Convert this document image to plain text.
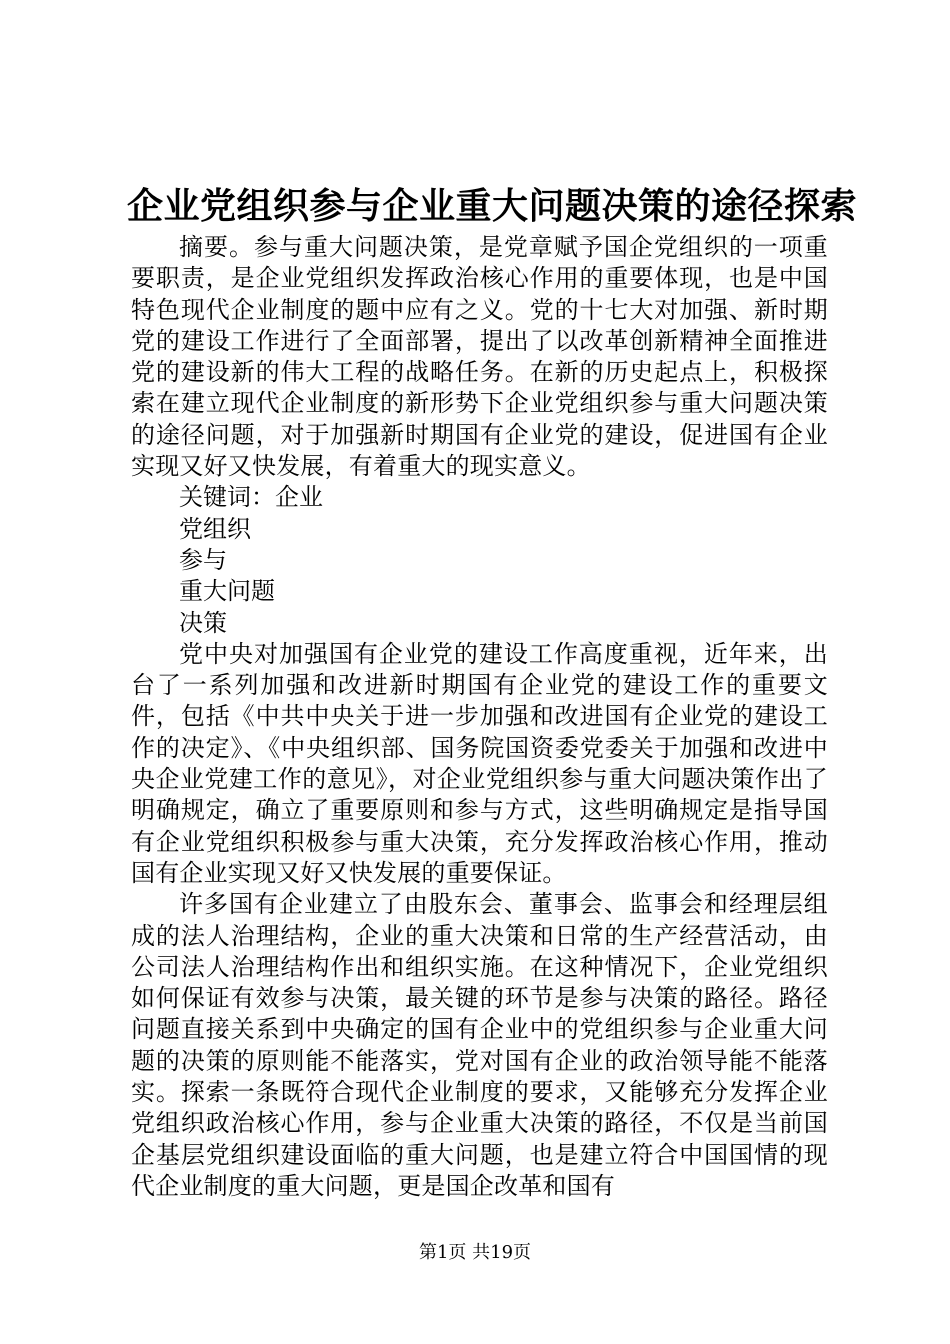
企业党组织参与企业重大问题决策的途径探索

摘要。参与重大问题决策，是党章赋予国企党组织的一项重要职责，是企业党组织发挥政治核心作用的重要体现，也是中国特色现代企业制度的题中应有之义。党的十七大对加强、新时期党的建设工作进行了全面部署，提出了以改革创新精神全面推进党的建设新的伟大工程的战略任务。在新的历史起点上，积极探索在建立现代企业制度的新形势下企业党组织参与重大问题决策的途径问题，对于加强新时期国有企业党的建设，促进国有企业实现又好又快发展，有着重大的现实意义。

关键词：企业

党组织

参与

重大问题

决策

党中央对加强国有企业党的建设工作高度重视，近年来，出台了一系列加强和改进新时期国有企业党的建设工作的重要文件，包括《中共中央关于进一步加强和改进国有企业党的建设工作的决定》、《中央组织部、国务院国资委党委关于加强和改进中央企业党建工作的意见》，对企业党组织参与重大问题决策作出了明确规定，确立了重要原则和参与方式，这些明确规定是指导国有企业党组织积极参与重大决策，充分发挥政治核心作用，推动国有企业实现又好又快发展的重要保证。

许多国有企业建立了由股东会、董事会、监事会和经理层组成的法人治理结构，企业的重大决策和日常的生产经营活动，由公司法人治理结构作出和组织实施。在这种情况下，企业党组织如何保证有效参与决策，最关键的环节是参与决策的路径。路径问题直接关系到中央确定的国有企业中的党组织参与企业重大问题的决策的原则能不能落实，党对国有企业的政治领导能不能落实。探索一条既符合现代企业制度的要求，又能够充分发挥企业党组织政治核心作用，参与企业重大决策的路径，不仅是当前国企基层党组织建设面临的重大问题，也是建立符合中国国情的现代企业制度的重大问题，更是国企改革和国有

第1页 共19页
